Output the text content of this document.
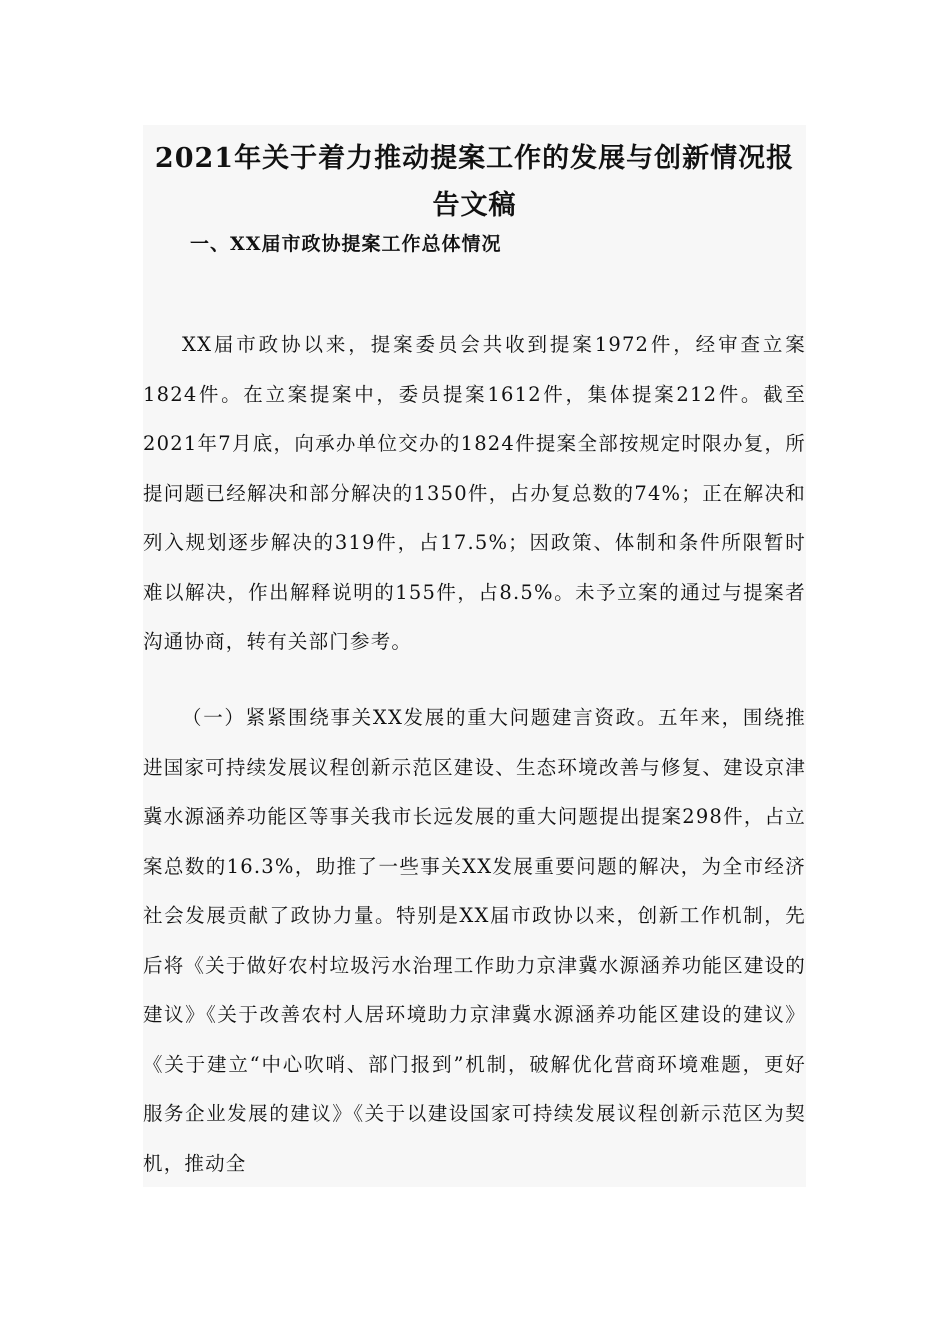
2021年关于着力推动提案工作的发展与创新情况报告文稿
一、XX届市政协提案工作总体情况

XX届市政协以来，提案委员会共收到提案1972件，经审查立案1824件。在立案提案中，委员提案1612件，集体提案212件。截至2021年7月底，向承办单位交办的1824件提案全部按规定时限办复，所提问题已经解决和部分解决的1350件，占办复总数的74%；正在解决和列入规划逐步解决的319件，占17.5%；因政策、体制和条件所限暂时难以解决，作出解释说明的155件，占8.5%。未予立案的通过与提案者沟通协商，转有关部门参考。

（一）紧紧围绕事关XX发展的重大问题建言资政。五年来，围绕推进国家可持续发展议程创新示范区建设、生态环境改善与修复、建设京津冀水源涵养功能区等事关我市长远发展的重大问题提出提案298件，占立案总数的16.3%，助推了一些事关XX发展重要问题的解决，为全市经济社会发展贡献了政协力量。特别是XX届市政协以来，创新工作机制，先后将《关于做好农村垃圾污水治理工作助力京津冀水源涵养功能区建设的建议》《关于改善农村人居环境助力京津冀水源涵养功能区建设的建议》《关于建立“中心吹哨、部门报到”机制，破解优化营商环境难题，更好服务企业发展的建议》《关于以建设国家可持续发展议程创新示范区为契机，推动全
